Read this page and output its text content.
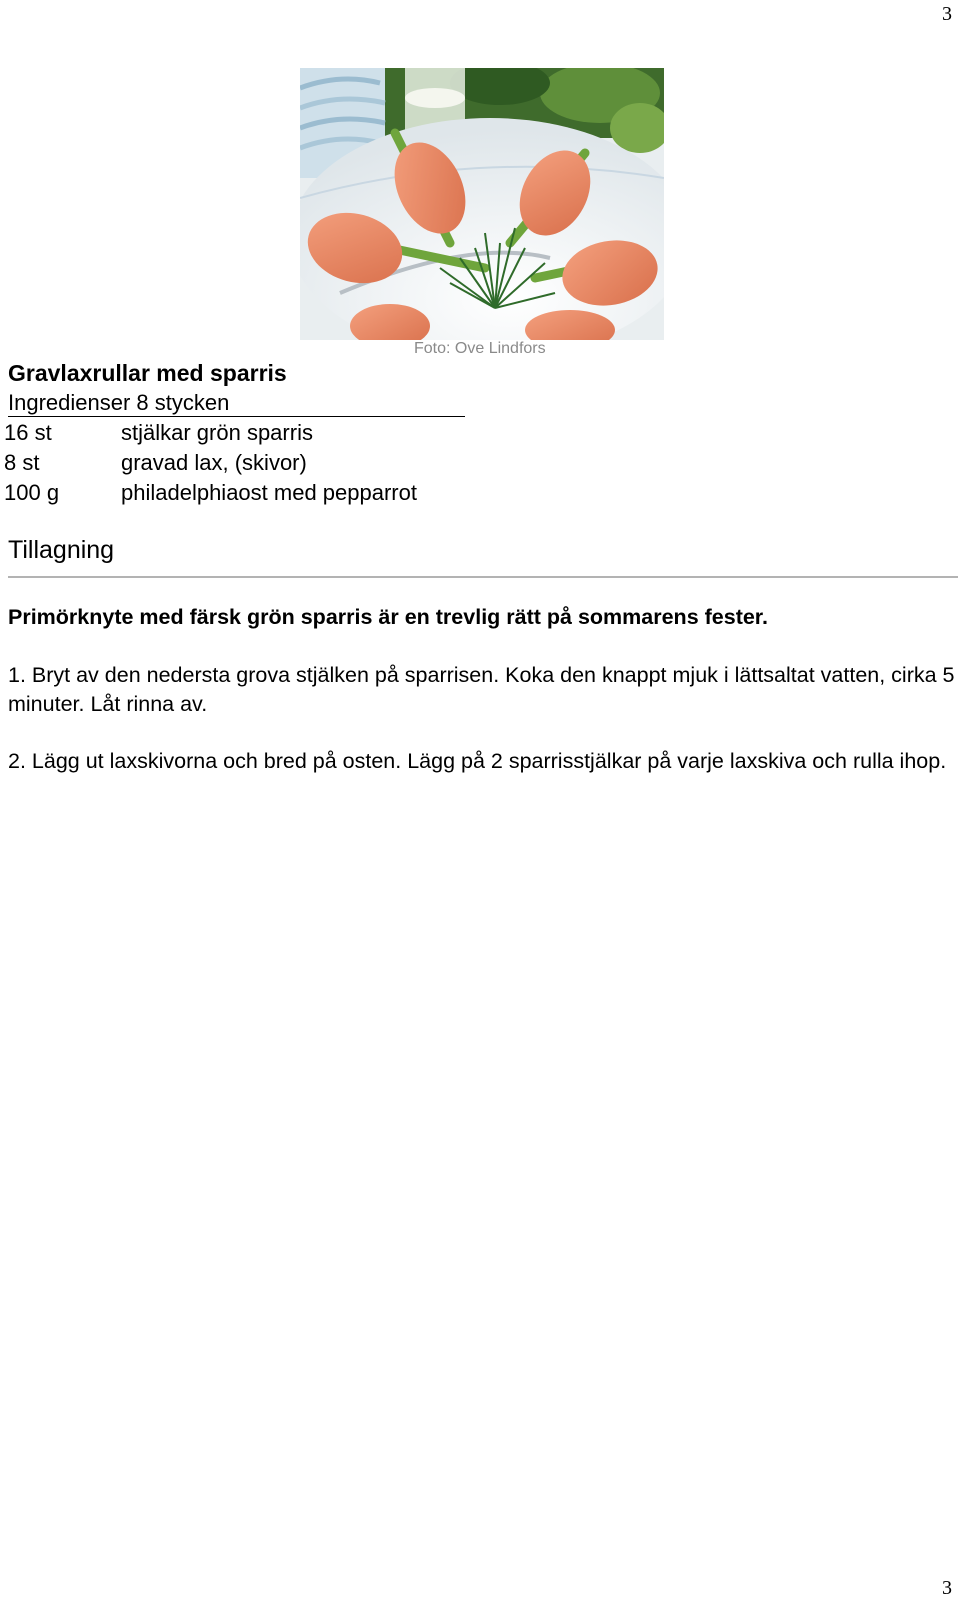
3
Foto: Ove Lindfors
Gravlaxrullar med sparris
Ingredienser 8 stycken
16 st	stjälkar grön sparris
8 st	gravad lax, (skivor)
100 g	philadelphiaost med pepparrot
Tillagning
Primörknyte med färsk grön sparris är en trevlig rätt på sommarens fester.
1. Bryt av den nedersta grova stjälken på sparrisen. Koka den knappt mjuk i lättsaltat vatten, cirka 5 minuter. Låt rinna av.
2. Lägg ut laxskivorna och bred på osten. Lägg på 2 sparrisstjälkar på varje laxskiva och rulla ihop.
3
